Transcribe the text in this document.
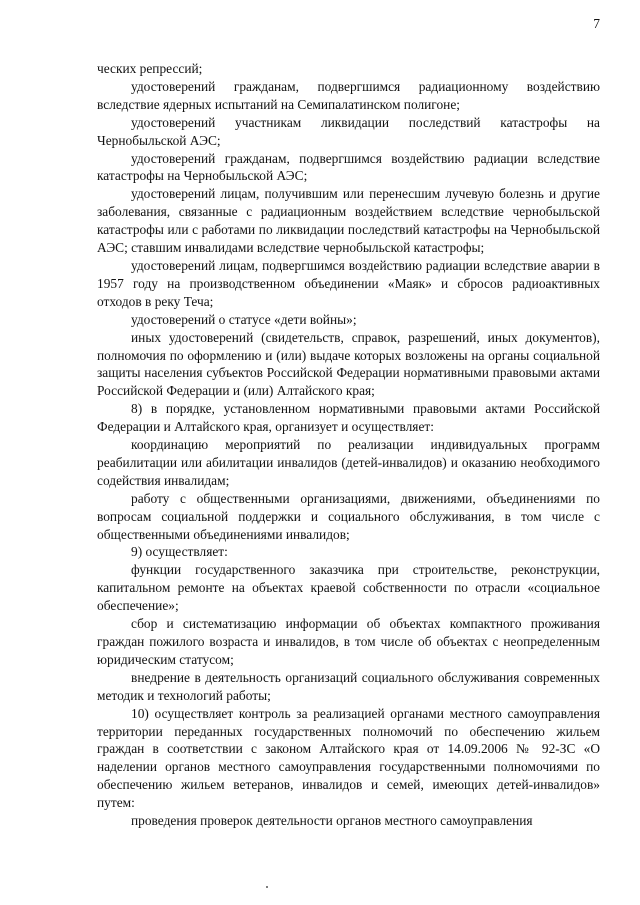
7

ческих репрессий;

удостоверений гражданам, подвергшимся радиационному воздействию вследствие ядерных испытаний на Семипалатинском полигоне;

удостоверений участникам ликвидации последствий катастрофы на Чернобыльской АЭС;

удостоверений гражданам, подвергшимся воздействию радиации вследствие катастрофы на Чернобыльской АЭС;

удостоверений лицам, получившим или перенесшим лучевую болезнь и другие заболевания, связанные с радиационным воздействием вследствие чернобыльской катастрофы или с работами по ликвидации последствий катастрофы на Чернобыльской АЭС; ставшим инвалидами вследствие чернобыльской катастрофы;

удостоверений лицам, подвергшимся воздействию радиации вследствие аварии в 1957 году на производственном объединении «Маяк» и сбросов радиоактивных отходов в реку Теча;

удостоверений о статусе «дети войны»;

иных удостоверений (свидетельств, справок, разрешений, иных документов), полномочия по оформлению и (или) выдаче которых возложены на органы социальной защиты населения субъектов Российской Федерации нормативными правовыми актами Российской Федерации и (или) Алтайского края;

8) в порядке, установленном нормативными правовыми актами Российской Федерации и Алтайского края, организует и осуществляет:

координацию мероприятий по реализации индивидуальных программ реабилитации или абилитации инвалидов (детей-инвалидов) и оказанию необходимого содействия инвалидам;

работу с общественными организациями, движениями, объединениями по вопросам социальной поддержки и социального обслуживания, в том числе с общественными объединениями инвалидов;

9) осуществляет:

функции государственного заказчика при строительстве, реконструкции, капитальном ремонте на объектах краевой собственности по отрасли «социальное обеспечение»;

сбор и систематизацию информации об объектах компактного проживания граждан пожилого возраста и инвалидов, в том числе об объектах с неопределенным юридическим статусом;

внедрение в деятельность организаций социального обслуживания современных методик и технологий работы;

10) осуществляет контроль за реализацией органами местного самоуправления территории переданных государственных полномочий по обеспечению жильем граждан в соответствии с законом Алтайского края от 14.09.2006 № 92-ЗС «О наделении органов местного самоуправления государственными полномочиями по обеспечению жильем ветеранов, инвалидов и семей, имеющих детей-инвалидов» путем:

проведения проверок деятельности органов местного самоуправления
